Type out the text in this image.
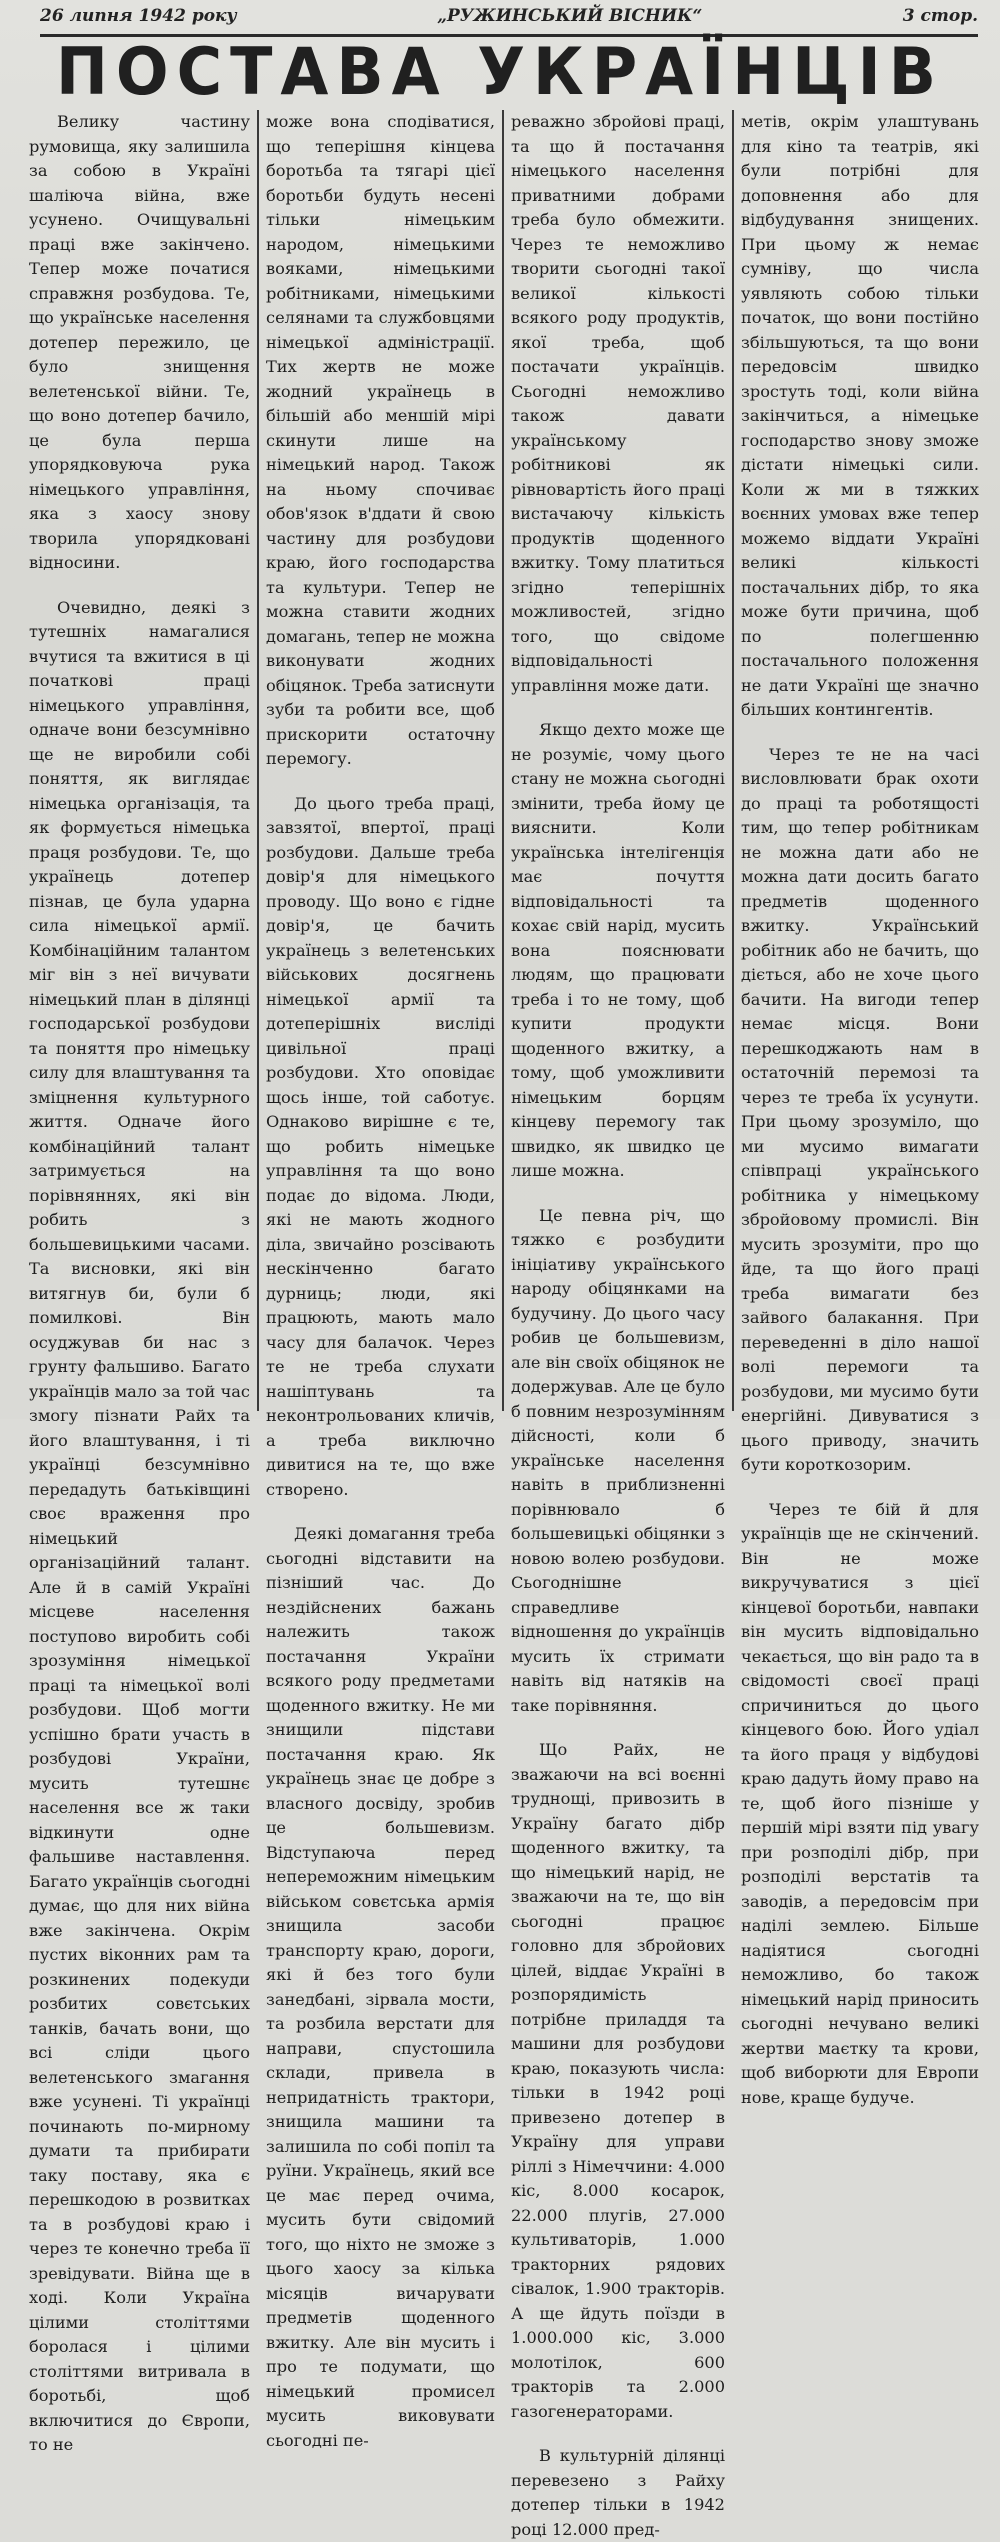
26 липня 1942 року	„РУЖИНСЬКИЙ ВІСНИК“	3 стор.
ПОСТАВА УКРАЇНЦІВ

Велику частину румовища, яку залишила за собою в Україні шаліюча війна, вже усунено. Очищувальні праці вже закінчено. Тепер може початися справжня розбудова. Те, що українське населення дотепер пережило, це було знищення велетенської війни. Те, що воно дотепер бачило, це була перша упорядковуюча рука німецького управління, яка з хаосу знову творила упорядковані відносини.

Очевидно, деякі з тутешніх намагалися вчутися та вжитися в ці початкові праці німецького управління, одначе вони безсумнівно ще не виробили собі поняття, як виглядає німецька організація, та як формується німецька праця розбудови. Те, що українець дотепер пізнав, це була ударна сила німецької армії. Комбінаційним талантом міг він з неї вичувати німецький план в ділянці господарської розбудови та поняття про німецьку силу для влаштування та зміцнення культурного життя. Одначе його комбінаційний талант затримується на порівняннях, які він робить з большевицькими часами. Та висновки, які він витягнув би, були б помилкові. Він осуджував би нас з грунту фальшиво. Багато українців мало за той час змогу пізнати Райх та його влаштування, і ті українці безсумнівно передадуть батьківщині своє враження про німецький організаційний талант. Але й в самій Україні місцеве населення поступово виробить собі зрозуміння німецької праці та німецької волі розбудови. Щоб могти успішно брати участь в розбудові України, мусить тутешнє населення все ж таки відкинути одне фальшиве наставлення. Багато українців сьогодні думає, що для них війна вже закінчена. Окрім пустих віконних рам та розкинених подекуди розбитих совєтських танків, бачать вони, що всі сліди цього велетенського змагання вже усунені. Ті українці починають по-мирному думати та прибирати таку поставу, яка є перешкодою в розвитках та в розбудові краю і через те конечно треба її зревідувати. Війна ще в ході. Коли Україна цілими століттями боролася і цілими століттями витривала в боротьбі, щоб включитися до Європи, то не

може вона сподіватися, що теперішня кінцева боротьба та тягарі цієї боротьби будуть несені тільки німецьким народом, німецькими вояками, німецькими робітниками, німецькими селянами та службовцями німецької адміністрації. Тих жертв не може жодний українець в більшій або меншій мірі скинути лише на німецький народ. Також на ньому спочиває обов'язок в'ддати й свою частину для розбудови краю, його господарства та культури. Тепер не можна ставити жодних домагань, тепер не можна виконувати жодних обіцянок. Треба затиснути зуби та робити все, щоб прискорити остаточну перемогу.

До цього треба праці, завзятої, впертої, праці розбудови. Дальше треба довір'я для німецького проводу. Що воно є гідне довір'я, це бачить українець з велетенських військових досягнень німецької армії та дотеперішніх висліді цивільної праці розбудови. Хто оповідає щось інше, той саботує. Однаково вирішне є те, що робить німецьке управління та що воно подає до відома. Люди, які не мають жодного діла, звичайно розсівають нескінченно багато дурниць; люди, які працюють, мають мало часу для балачок. Через те не треба слухати нашіптувань та неконтрольованих кличів, а треба виключно дивитися на те, що вже створено.

Деякі домагання треба сьогодні відставити на пізніший час. До нездійснених бажань належить також постачання України всякого роду предметами щоденного вжитку. Не ми знищили підстави постачання краю. Як українець знає це добре з власного досвіду, зробив це большевизм. Відступаюча перед непереможним німецьким військом совєтська армія знищила засоби транспорту краю, дороги, які й без того були занедбані, зірвала мости, та розбила верстати для направи, спустошила склади, привела в непридатність трактори, знищила машини та залишила по собі попіл та руїни. Українець, який все це має перед очима, мусить бути свідомий того, що ніхто не зможе з цього хаосу за кілька місяців вичарувати предметів щоденного вжитку. Але він мусить і про те подумати, що німецький промисел мусить виковувати сьогодні пе-

реважно збройові праці, та що й постачання німецького населення приватними добрами треба було обмежити. Через те неможливо творити сьогодні такої великої кількості всякого роду продуктів, якої треба, щоб постачати українців. Сьогодні неможливо також давати українському робітникові як рівновартість його праці вистачаючу кількість продуктів щоденного вжитку. Тому платиться згідно теперішніх можливостей, згідно того, що свідоме відповідальності управління може дати.

Якщо дехто може ще не розуміє, чому цього стану не можна сьогодні змінити, треба йому це вияснити. Коли українська інтелігенція має почуття відповідальності та кохає свій нарід, мусить вона пояснювати людям, що працювати треба і то не тому, щоб купити продукти щоденного вжитку, а тому, щоб уможливити німецьким борцям кінцеву перемогу так швидко, як швидко це лише можна.

Це певна річ, що тяжко є розбудити ініціативу українського народу обіцянками на будучину. До цього часу робив це большевизм, але він своїх обіцянок не додержував. Але це було б повним незрозумінням дійсності, коли б українське населення навіть в приблизненні порівнювало б большевицькі обіцянки з новою волею розбудови. Сьогоднішне справедливе відношення до українців мусить їх стримати навіть від натяків на таке порівняння.

Що Райх, не зважаючи на всі воєнні труднощі, привозить в Україну багато дібр щоденного вжитку, та що німецький нарід, не зважаючи на те, що він сьогодні працює головно для збройових цілей, віддає Україні в розпорядимість потрібне приладдя та машини для розбудови краю, показують числа: тільки в 1942 році привезено дотепер в Україну для управи ріллі з Німеччини: 4.000 кіс, 8.000 косарок, 22.000 плугів, 27.000 культиваторів, 1.000 тракторних рядових сівалок, 1.900 тракторів. А ще йдуть поїзди в 1.000.000 кіс, 3.000 молотілок, 600 тракторів та 2.000 газогенераторами.

В культурній ділянці перевезено з Райху дотепер тільки в 1942 році 12.000 пред-

метів, окрім улаштувань для кіно та театрів, які були потрібні для доповнення або для відбудування знищених. При цьому ж немає сумніву, що числа уявляють собою тільки початок, що вони постійно збільшуються, та що вони передовсім швидко зростуть тоді, коли війна закінчиться, а німецьке господарство знову зможе дістати німецькі сили. Коли ж ми в тяжких воєнних умовах вже тепер можемо віддати Україні великі кількості постачальних дібр, то яка може бути причина, щоб по полегшенню постачального положення не дати Україні ще значно більших контингентів.

Через те не на часі висловлювати брак охоти до праці та роботящості тим, що тепер робітникам не можна дати або не можна дати досить багато предметів щоденного вжитку. Український робітник або не бачить, що діється, або не хоче цього бачити. На вигоди тепер немає місця. Вони перешкоджають нам в остаточній перемозі та через те треба їх усунути. При цьому зрозуміло, що ми мусимо вимагати співпраці українського робітника у німецькому збройовому промислі. Він мусить зрозуміти, про що йде, та що його праці треба вимагати без зайвого балакання. При переведенні в діло нашої волі перемоги та розбудови, ми мусимо бути енергійні. Дивуватися з цього приводу, значить бути короткозорим.

Через те бій й для українців ще не скінчений. Він не може викручуватися з цієї кінцевої боротьби, навпаки він мусить відповідально чекається, що він радо та в свідомості своєї праці спричиниться до цього кінцевого бою. Його удіал та його праця у відбудові краю дадуть йому право на те, щоб його пізніше у першій мірі взяти під увагу при розподілі дібр, при розподілі верстатів та заводів, а передовсім при наділі землею. Більше надіятися сьогодні неможливо, бо також німецький нарід приносить сьогодні нечувано великі жертви маєтку та крови, щоб виборюти для Европи нове, краще будуче.
